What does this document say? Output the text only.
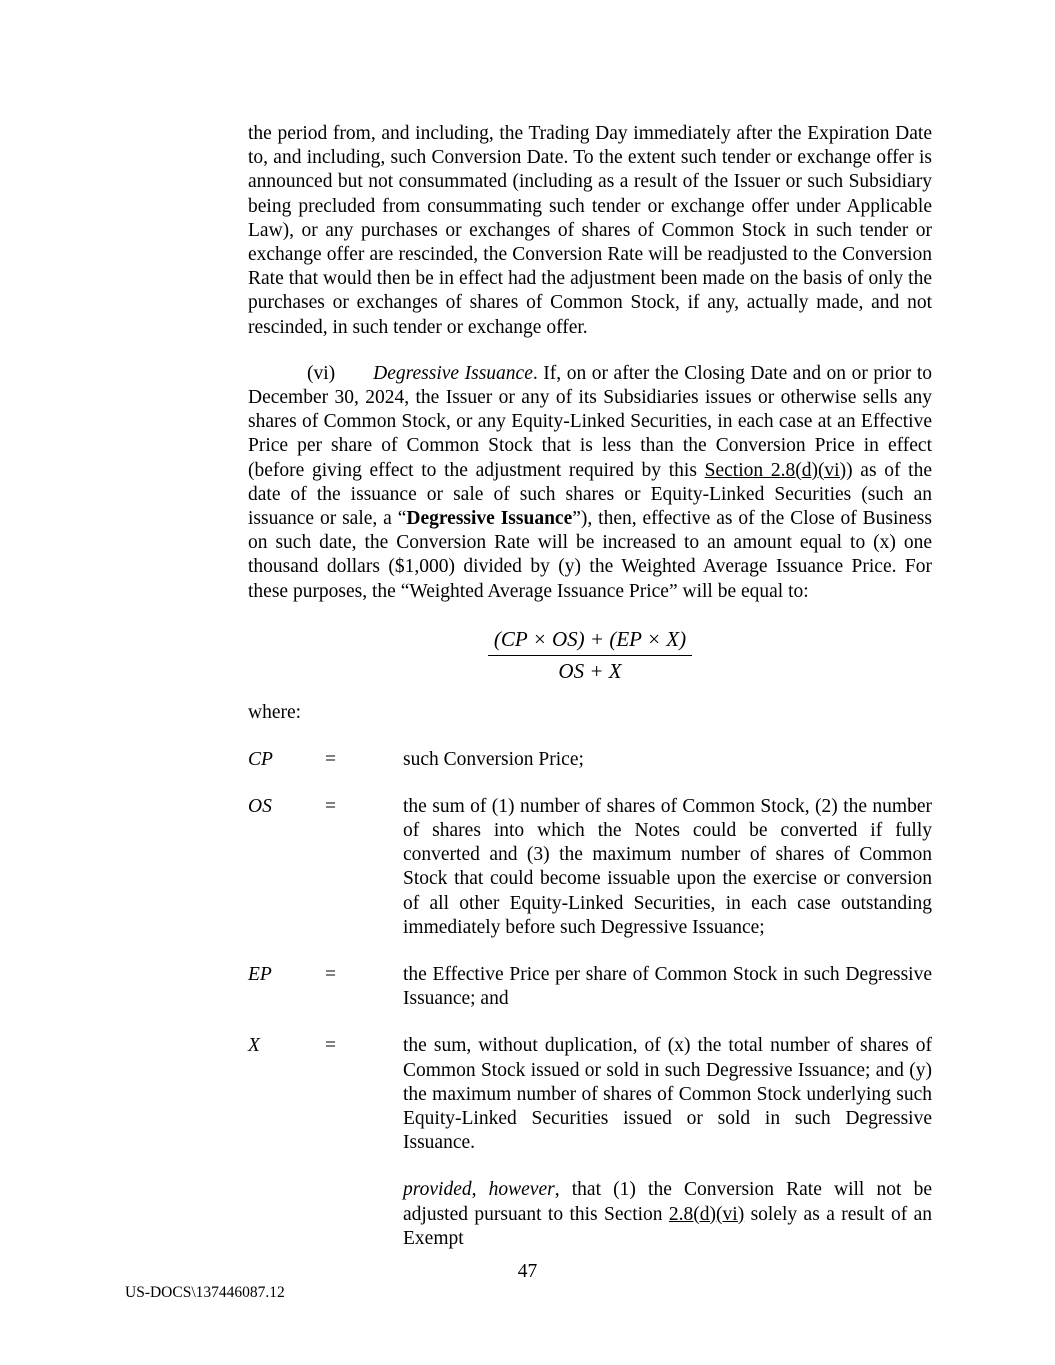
the period from, and including, the Trading Day immediately after the Expiration Date to, and including, such Conversion Date. To the extent such tender or exchange offer is announced but not consummated (including as a result of the Issuer or such Subsidiary being precluded from consummating such tender or exchange offer under Applicable Law), or any purchases or exchanges of shares of Common Stock in such tender or exchange offer are rescinded, the Conversion Rate will be readjusted to the Conversion Rate that would then be in effect had the adjustment been made on the basis of only the purchases or exchanges of shares of Common Stock, if any, actually made, and not rescinded, in such tender or exchange offer.

(vi) Degressive Issuance. If, on or after the Closing Date and on or prior to December 30, 2024, the Issuer or any of its Subsidiaries issues or otherwise sells any shares of Common Stock, or any Equity-Linked Securities, in each case at an Effective Price per share of Common Stock that is less than the Conversion Price in effect (before giving effect to the adjustment required by this Section 2.8(d)(vi)) as of the date of the issuance or sale of such shares or Equity-Linked Securities (such an issuance or sale, a “Degressive Issuance”), then, effective as of the Close of Business on such date, the Conversion Rate will be increased to an amount equal to (x) one thousand dollars ($1,000) divided by (y) the Weighted Average Issuance Price. For these purposes, the “Weighted Average Issuance Price” will be equal to:

$\frac{(CP \times OS) + (EP \times X)}{OS + X}$

where:

CP	=	such Conversion Price;
OS	=	the sum of (1) number of shares of Common Stock, (2) the number of shares into which the Notes could be converted if fully converted and (3) the maximum number of shares of Common Stock that could become issuable upon the exercise or conversion of all other Equity-Linked Securities, in each case outstanding immediately before such Degressive Issuance;
EP	=	the Effective Price per share of Common Stock in such Degressive Issuance; and
X	=	the sum, without duplication, of (x) the total number of shares of Common Stock issued or sold in such Degressive Issuance; and (y) the maximum number of shares of Common Stock underlying such Equity-Linked Securities issued or sold in such Degressive Issuance.

provided, however, that (1) the Conversion Rate will not be adjusted pursuant to this Section 2.8(d)(vi) solely as a result of an Exempt

47
US-DOCS\137446087.12
